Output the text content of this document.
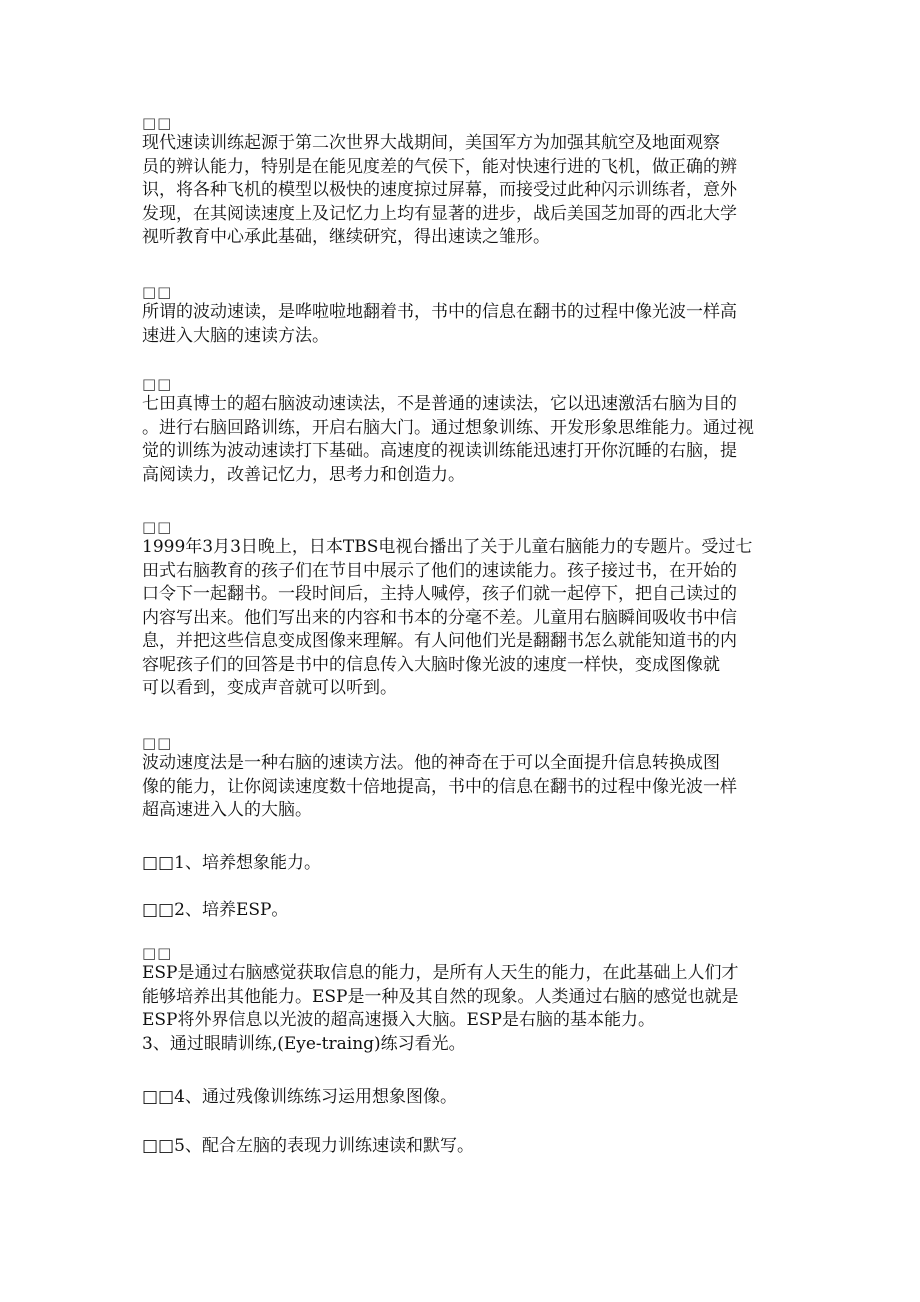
□□

现代速读训练起源于第二次世界大战期间，美国军方为加强其航空及地面观察
员的辨认能力，特别是在能见度差的气侯下，能对快速行进的飞机，做正确的辨
识，将各种飞机的模型以极快的速度掠过屏幕，而接受过此种闪示训练者，意外
发现，在其阅读速度上及记忆力上均有显著的进步，战后美国芝加哥的西北大学
视听教育中心承此基础，继续研究，得出速读之雏形。

□□

所谓的波动速读，是哗啦啦地翻着书，书中的信息在翻书的过程中像光波一样高
速进入大脑的速读方法。

□□

七田真博士的超右脑波动速读法，不是普通的速读法，它以迅速激活右脑为目的
。进行右脑回路训练，开启右脑大门。通过想象训练、开发形象思维能力。通过视
觉的训练为波动速读打下基础。高速度的视读训练能迅速打开你沉睡的右脑，提
高阅读力，改善记忆力，思考力和创造力。

□□

1999年3月3日晚上，日本TBS电视台播出了关于儿童右脑能力的专题片。受过七
田式右脑教育的孩子们在节目中展示了他们的速读能力。孩子接过书，在开始的
口令下一起翻书。一段时间后，主持人喊停，孩子们就一起停下，把自己读过的
内容写出来。他们写出来的内容和书本的分毫不差。儿童用右脑瞬间吸收书中信
息，并把这些信息变成图像来理解。有人问他们光是翻翻书怎么就能知道书的内
容呢孩子们的回答是书中的信息传入大脑时像光波的速度一样快，变成图像就
可以看到，变成声音就可以听到。

□□

波动速度法是一种右脑的速读方法。他的神奇在于可以全面提升信息转换成图
像的能力，让你阅读速度数十倍地提高，书中的信息在翻书的过程中像光波一样
超高速进入人的大脑。

□□1、培养想象能力。

□□2、培养ESP。

□□

ESP是通过右脑感觉获取信息的能力，是所有人天生的能力，在此基础上人们才
能够培养出其他能力。ESP是一种及其自然的现象。人类通过右脑的感觉也就是
ESP将外界信息以光波的超高速摄入大脑。ESP是右脑的基本能力。
3、通过眼睛训练,(Eye-traing)练习看光。

□□4、通过残像训练练习运用想象图像。

□□5、配合左脑的表现力训练速读和默写。
